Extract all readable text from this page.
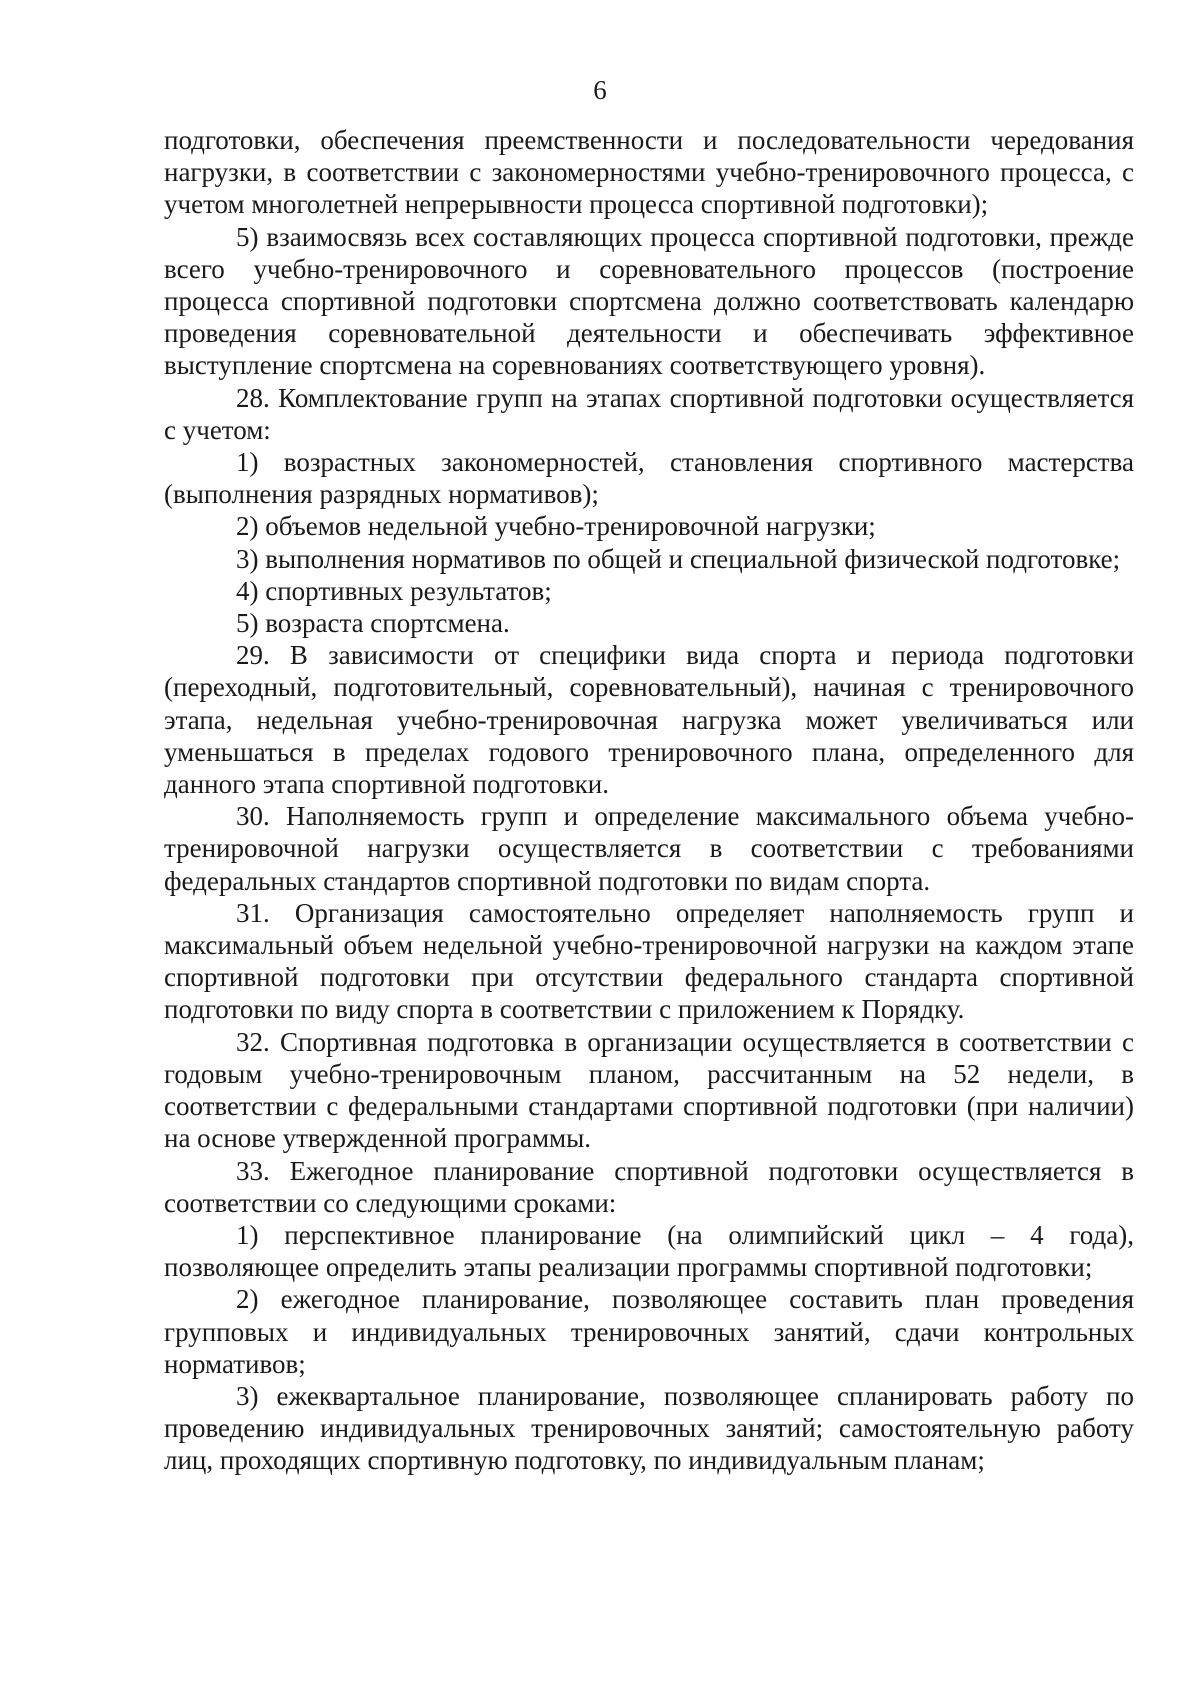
6

подготовки, обеспечения преемственности и последовательности чередования нагрузки, в соответствии с закономерностями учебно-тренировочного процесса, с учетом многолетней непрерывности процесса спортивной подготовки);

5) взаимосвязь всех составляющих процесса спортивной подготовки, прежде всего учебно-тренировочного и соревновательного процессов (построение процесса спортивной подготовки спортсмена должно соответствовать календарю проведения соревновательной деятельности и обеспечивать эффективное выступление спортсмена на соревнованиях соответствующего уровня).

28. Комплектование групп на этапах спортивной подготовки осуществляется с учетом:

1) возрастных закономерностей, становления спортивного мастерства (выполнения разрядных нормативов);

2) объемов недельной учебно-тренировочной нагрузки;

3) выполнения нормативов по общей и специальной физической подготовке;

4) спортивных результатов;

5) возраста спортсмена.

29. В зависимости от специфики вида спорта и периода подготовки (переходный, подготовительный, соревновательный), начиная с тренировочного этапа, недельная учебно-тренировочная нагрузка может увеличиваться или уменьшаться в пределах годового тренировочного плана, определенного для данного этапа спортивной подготовки.

30. Наполняемость групп и определение максимального объема учебно-тренировочной нагрузки осуществляется в соответствии с требованиями федеральных стандартов спортивной подготовки по видам спорта.

31. Организация самостоятельно определяет наполняемость групп и максимальный объем недельной учебно-тренировочной нагрузки на каждом этапе спортивной подготовки при отсутствии федерального стандарта спортивной подготовки по виду спорта в соответствии с приложением к Порядку.

32. Спортивная подготовка в организации осуществляется в соответствии с годовым учебно-тренировочным планом, рассчитанным на 52 недели, в соответствии с федеральными стандартами спортивной подготовки (при наличии) на основе утвержденной программы.

33. Ежегодное планирование спортивной подготовки осуществляется в соответствии со следующими сроками:

1) перспективное планирование (на олимпийский цикл – 4 года), позволяющее определить этапы реализации программы спортивной подготовки;

2) ежегодное планирование, позволяющее составить план проведения групповых и индивидуальных тренировочных занятий, сдачи контрольных нормативов;

3) ежеквартальное планирование, позволяющее спланировать работу по проведению индивидуальных тренировочных занятий; самостоятельную работу лиц, проходящих спортивную подготовку, по индивидуальным планам;
